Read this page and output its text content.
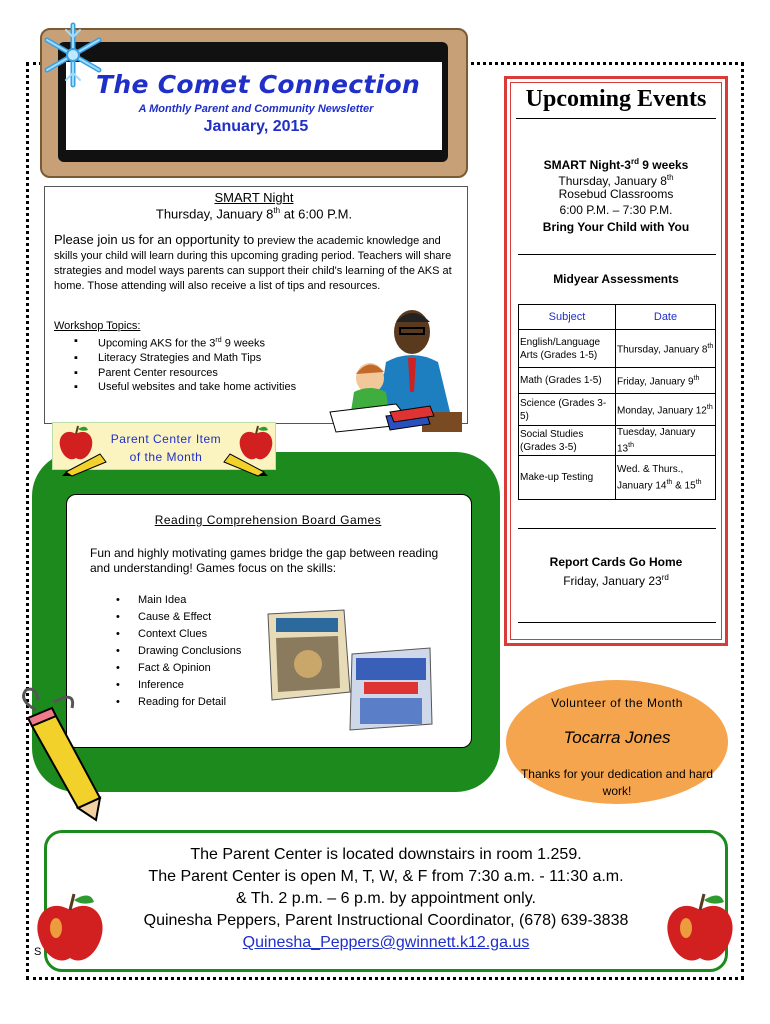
The Comet Connection
A Monthly Parent and Community Newsletter
January, 2015
SMART Night
Thursday, January 8th at 6:00 P.M.
Please join us for an opportunity to preview the academic knowledge and skills your child will learn during this upcoming grading period. Teachers will share strategies and model ways parents can support their child's learning of the AKS at home. Those attending will also receive a list of tips and resources.
Workshop Topics:
▪ Upcoming AKS for the 3rd 9 weeks
▪ Literacy Strategies and Math Tips
▪ Parent Center resources
▪ Useful websites and take home activities
Upcoming Events
SMART Night-3rd 9 weeks
Thursday, January 8th
Rosebud Classrooms
6:00 P.M. – 7:30 P.M.
Bring Your Child with You
Midyear Assessments
Subject	Date
English/Language Arts (Grades 1-5)	Thursday, January 8th
Math (Grades 1-5)	Friday, January 9th
Science (Grades 3-5)	Monday, January 12th
Social Studies (Grades 3-5)	Tuesday, January 13th
Make-up Testing	Wed. & Thurs., January 14th & 15th
Report Cards Go Home
Friday, January 23rd
Parent Center Item
of the Month
Reading Comprehension Board Games
Fun and highly motivating games bridge the gap between reading and understanding! Games focus on the skills:
• Main Idea
• Cause & Effect
• Context Clues
• Drawing Conclusions
• Fact & Opinion
• Inference
• Reading for Detail	Volunteer of the Month
Tocarra Jones
Thanks for your dedication and hard work!
The Parent Center is located downstairs in room 1.259.
The Parent Center is open M, T, W, & F from 7:30 a.m. - 11:30 a.m.
& Th. 2 p.m. – 6 p.m. by appointment only.
Quinesha Peppers, Parent Instructional Coordinator, (678) 639-3838
Quinesha_Peppers@gwinnett.k12.ga.us
S
